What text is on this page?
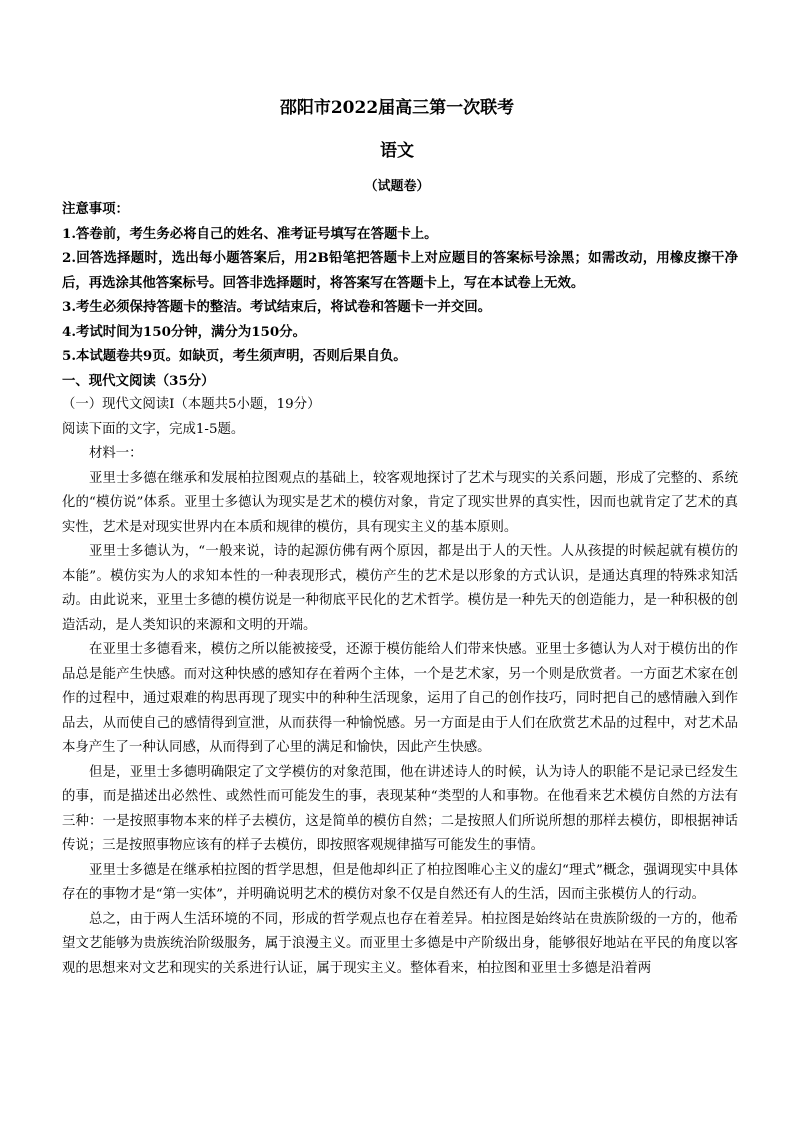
邵阳市2022届高三第一次联考
语文
（试题卷）
注意事项：
1.答卷前，考生务必将自己的姓名、准考证号填写在答题卡上。
2.回答选择题时，选出每小题答案后，用2B铅笔把答题卡上对应题目的答案标号涂黑；如需改动，用橡皮擦干净后，再选涂其他答案标号。回答非选择题时，将答案写在答题卡上，写在本试卷上无效。
3.考生必须保持答题卡的整洁。考试结束后，将试卷和答题卡一并交回。
4.考试时间为150分钟，满分为150分。
5.本试题卷共9页。如缺页，考生须声明，否则后果自负。
一、现代文阅读（35分）
（一）现代文阅读Ⅰ（本题共5小题，19分）
阅读下面的文字，完成1-5题。
材料一：

亚里士多德在继承和发展柏拉图观点的基础上，较客观地探讨了艺术与现实的关系问题，形成了完整的、系统化的“模仿说”体系。亚里士多德认为现实是艺术的模仿对象，肯定了现实世界的真实性，因而也就肯定了艺术的真实性，艺术是对现实世界内在本质和规律的模仿，具有现实主义的基本原则。

亚里士多德认为，“一般来说，诗的起源仿佛有两个原因，都是出于人的天性。人从孩提的时候起就有模仿的本能”。模仿实为人的求知本性的一种表现形式，模仿产生的艺术是以形象的方式认识，是通达真理的特殊求知活动。由此说来，亚里士多德的模仿说是一种彻底平民化的艺术哲学。模仿是一种先天的创造能力，是一种积极的创造活动，是人类知识的来源和文明的开端。

在亚里士多德看来，模仿之所以能被接受，还源于模仿能给人们带来快感。亚里士多德认为人对于模仿出的作品总是能产生快感。而对这种快感的感知存在着两个主体，一个是艺术家，另一个则是欣赏者。一方面艺术家在创作的过程中，通过艰难的构思再现了现实中的种种生活现象，运用了自己的创作技巧，同时把自己的感情融入到作品去，从而使自己的感情得到宣泄，从而获得一种愉悦感。另一方面是由于人们在欣赏艺术品的过程中，对艺术品本身产生了一种认同感，从而得到了心里的满足和愉快，因此产生快感。

但是，亚里士多德明确限定了文学模仿的对象范围，他在讲述诗人的时候，认为诗人的职能不是记录已经发生的事，而是描述出必然性、或然性而可能发生的事，表现某种“类型的人和事物。在他看来艺术模仿自然的方法有三种：一是按照事物本来的样子去模仿，这是简单的模仿自然；二是按照人们所说所想的那样去模仿，即根据神话传说；三是按照事物应该有的样子去模仿，即按照客观规律描写可能发生的事情。

亚里士多德是在继承柏拉图的哲学思想，但是他却纠正了柏拉图唯心主义的虚幻“理式”概念，强调现实中具体存在的事物才是“第一实体”，并明确说明艺术的模仿对象不仅是自然还有人的生活，因而主张模仿人的行动。

总之，由于两人生活环境的不同，形成的哲学观点也存在着差异。柏拉图是始终站在贵族阶级的一方的，他希望文艺能够为贵族统治阶级服务，属于浪漫主义。而亚里士多德是中产阶级出身，能够很好地站在平民的角度以客观的思想来对文艺和现实的关系进行认证，属于现实主义。整体看来，柏拉图和亚里士多德是沿着两
